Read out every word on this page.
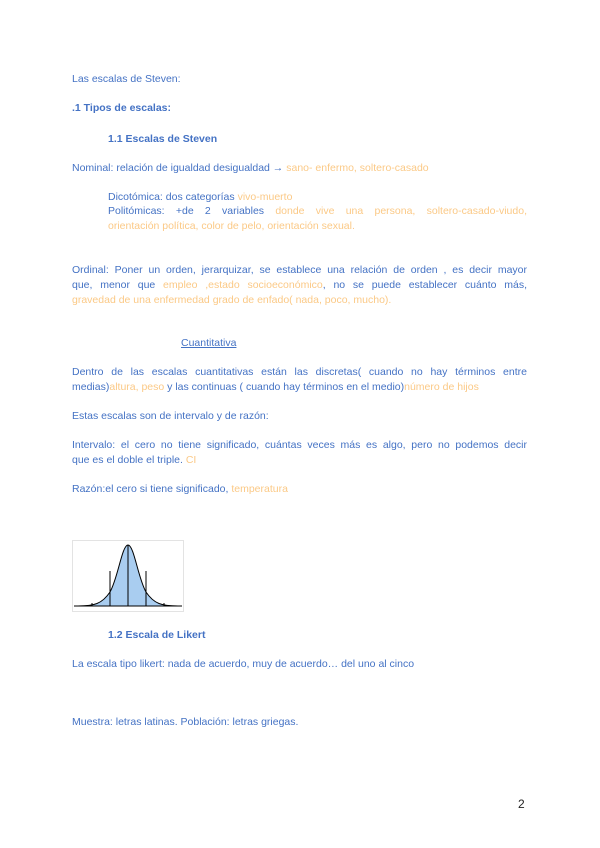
Las escalas de Steven:
.1 Tipos de escalas:
1.1 Escalas de Steven
Nominal: relación de igualdad desigualdad → sano- enfermo, soltero-casado
Dicotómica: dos categorías vivo-muerto
Politómicas: +de 2 variables donde vive una persona, soltero-casado-viudo,
orientación política, color de pelo, orientación sexual.
Ordinal: Poner un orden, jerarquizar, se establece una relación de orden , es decir mayor
que, menor que empleo ,estado socioeconómico, no se puede establecer cuánto más,
gravedad de una enfermedad grado de enfado( nada, poco, mucho).
Cuantitativa
Dentro de las escalas cuantitativas están las discretas( cuando no hay términos entre
medias)altura, peso y las continuas ( cuando hay términos en el medio)número de hijos
Estas escalas son de intervalo y de razón:
Intervalo: el cero no tiene significado, cuántas veces más es algo, pero no podemos decir
que es el doble el triple. CI
Razón:el cero si tiene significado, temperatura
1.2 Escala de Likert
La escala tipo likert: nada de acuerdo, muy de acuerdo… del uno al cinco
Muestra: letras latinas. Población: letras griegas.
2
